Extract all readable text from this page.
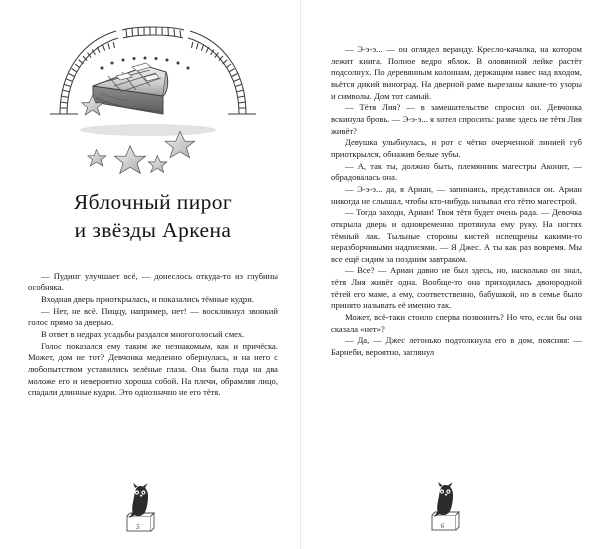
Яблочный пирог
и звёзды Аркена

— Пудинг улучшает всё, — донеслось откуда-то из глубины особняка.

Входная дверь приоткрылась, и показались тёмные кудри.

— Нет, не всё. Пиццу, например, нет! — воскликнул звонкий голос прямо за дверью.

В ответ в недрах усадьбы раздался многоголосый смех.

Голос показался ему таким же незнакомым, как и причёска. Может, дом не тот? Девчонка медленно обернулась, и на него с любопытством уставились зелёные глаза. Она была года на два моложе его и невероятно хороша собой. На плечи, обрамляя лицо, спадали длинные кудри. Это однозначно не его тётя.

5

— Э-э-э... — он оглядел веранду. Кресло-качалка, на котором лежит книга. Полное ведро яблок. В оловянной лейке растёт подсолнух. По деревянным колоннам, держащим навес над входом, вьётся дикий виноград. На дверной раме вырезаны какие-то узоры и символы. Дом тот самый.

— Тётя Лия? — в замешательстве спросил он. Девчонка вскинула бровь. — Э-э-э... я хотел спросить: разве здесь не тётя Лия живёт?

Девушка улыбнулась, и рот с чётко очерченной линией губ приоткрылся, обнажив белые зубы.

— А, так ты, должно быть, племянник магестры Аконит, — обрадовалась она.

— Э-э-э... да, я Ариан, — запинаясь, представился он. Ариан никогда не слышал, чтобы кто-нибудь называл его тётю магестрой.

— Тогда заходи, Ариан! Твоя тётя будет очень рада. — Девочка открыла дверь и одновременно протянула ему руку. На ногтях тёмный лак. Тыльные стороны кистей испещрены какими-то неразборчивыми надписями. — Я Джес. А ты как раз вовремя. Мы все ещё сидим за поздним завтраком.

— Все? — Ариан давно не был здесь, но, насколько он знал, тётя Лия живёт одна. Вообще-то она приходилась двоюродной тётей его маме, а ему, соответственно, бабушкой, но в семье было принято называть её именно так.

Может, всё-таки стоило сперва позвонить? Но что, если бы она сказала «нет»?

— Да, — Джес легонько подтолкнула его в дом, поясняя: — Барнеби, вероятно, заглянул

6
